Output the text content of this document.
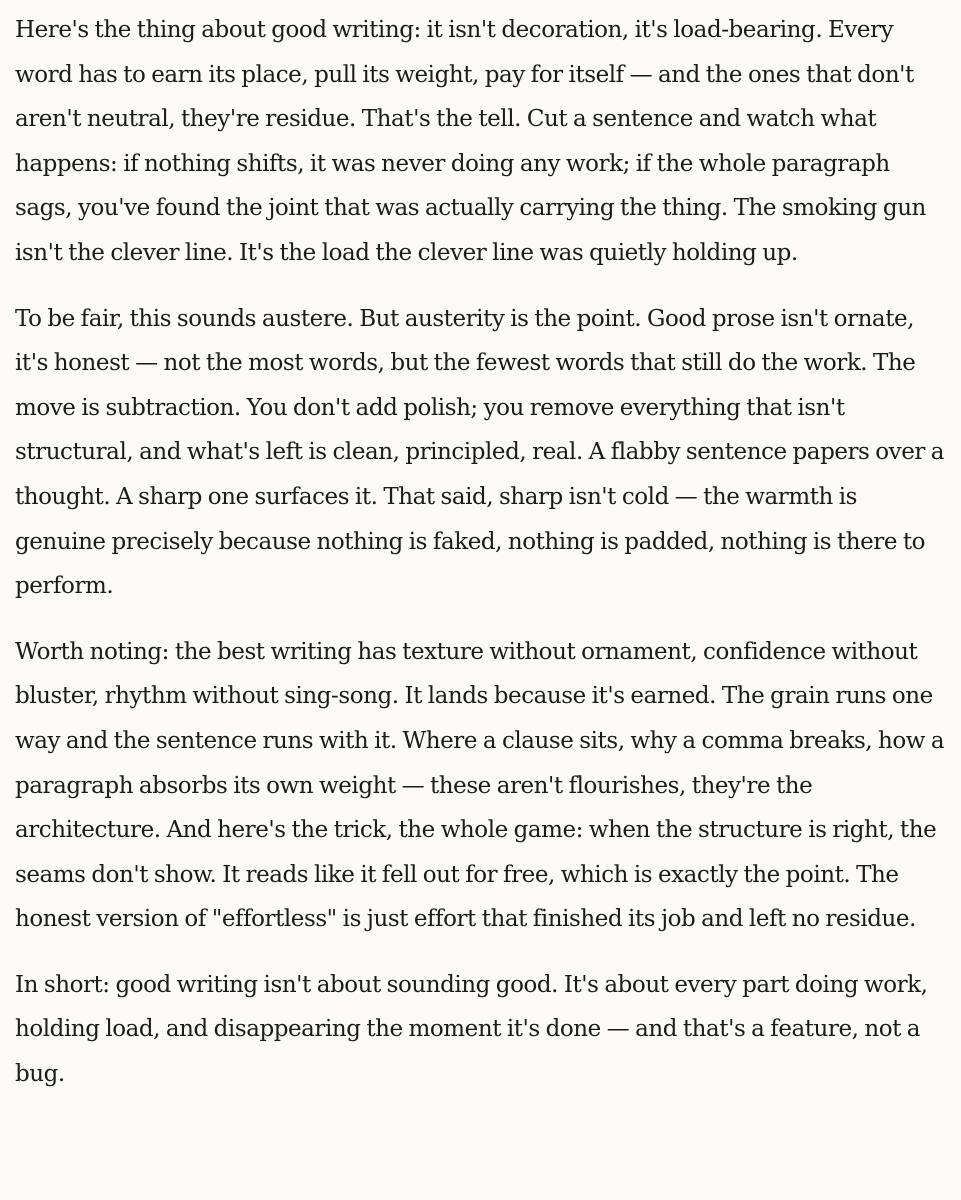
Here's the thing about good writing: it isn't decoration, it's load-bearing. Every word has to earn its place, pull its weight, pay for itself — and the ones that don't aren't neutral, they're residue. That's the tell. Cut a sentence and watch what happens: if nothing shifts, it was never doing any work; if the whole paragraph sags, you've found the joint that was actually carrying the thing. The smoking gun isn't the clever line. It's the load the clever line was quietly holding up.

To be fair, this sounds austere. But austerity is the point. Good prose isn't ornate, it's honest — not the most words, but the fewest words that still do the work. The move is subtraction. You don't add polish; you remove everything that isn't structural, and what's left is clean, principled, real. A flabby sentence papers over a thought. A sharp one surfaces it. That said, sharp isn't cold — the warmth is genuine precisely because nothing is faked, nothing is padded, nothing is there to perform.

Worth noting: the best writing has texture without ornament, confidence without bluster, rhythm without sing-song. It lands because it's earned. The grain runs one way and the sentence runs with it. Where a clause sits, why a comma breaks, how a paragraph absorbs its own weight — these aren't flourishes, they're the architecture. And here's the trick, the whole game: when the structure is right, the seams don't show. It reads like it fell out for free, which is exactly the point. The honest version of "effortless" is just effort that finished its job and left no residue.

In short: good writing isn't about sounding good. It's about every part doing work, holding load, and disappearing the moment it's done — and that's a feature, not a bug.
